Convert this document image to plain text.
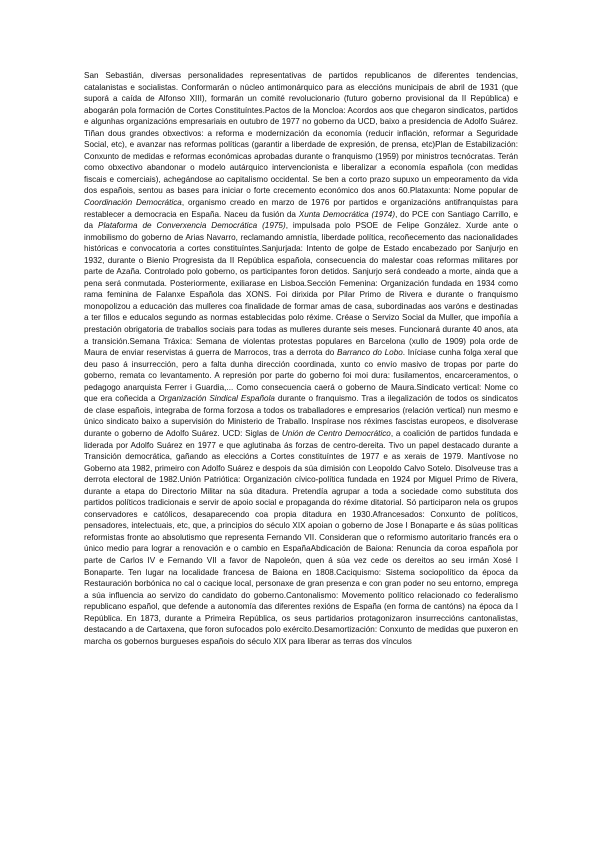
San Sebastián, diversas personalidades representativas de partidos republicanos de diferentes tendencias, catalanistas e socialistas. Conformarán o núcleo antimonárquico para as eleccións municipais de abril de 1931 (que suporá a caída de Alfonso XIII), formarán un comité revolucionario (futuro goberno provisional da II República) e abogarán pola formación de Cortes Constituíntes.Pactos de la Moncloa: Acordos aos que chegaron sindicatos, partidos e algunhas organizacións empresariais en outubro de 1977 no goberno da UCD, baixo a presidencia de Adolfo Suárez. Tiñan dous grandes obxectivos: a reforma e modernización da economía (reducir inflación, reformar a Seguridade Social, etc), e avanzar nas reformas políticas (garantir a liberdade de expresión, de prensa, etc)Plan de Estabilización: Conxunto de medidas e reformas económicas aprobadas durante o franquismo (1959) por ministros tecnócratas. Terán como obxectivo abandonar o modelo autárquico intervencionista e liberalizar a economía española (con medidas fiscais e comerciais), achegándose ao capitalismo occidental. Se ben a corto prazo supuxo un empeoramento da vida dos españois, sentou as bases para iniciar o forte crecemento económico dos anos 60.Plataxunta: Nome popular de Coordinación Democrática, organismo creado en marzo de 1976 por partidos e organizacións antifranquistas para restablecer a democracia en España. Naceu da fusión da Xunta Democrática (1974), do PCE con Santiago Carrillo, e da Plataforma de Converxencia Democrática (1975), impulsada polo PSOE de Felipe González. Xurde ante o inmobilismo do goberno de Arias Navarro, reclamando amnistía, liberdade política, recoñecemento das nacionalidades históricas e convocatoria a cortes constituíntes.Sanjurjada: Intento de golpe de Estado encabezado por Sanjurjo en 1932, durante o Bienio Progresista da II República española, consecuencia do malestar coas reformas militares por parte de Azaña. Controlado polo goberno, os participantes foron detidos. Sanjurjo será condeado a morte, ainda que a pena será conmutada. Posteriormente, exiliarase en Lisboa.Sección Femenina: Organización fundada en 1934 como rama feminina de Falanxe Española das XONS. Foi dirixida por Pilar Primo de Rivera e durante o franquismo monopolizou a educación das mulleres coa finalidade de formar amas de casa, subordinadas aos varóns e destinadas a ter fillos e educalos segundo as normas establecidas polo réxime. Créase o Servizo Social da Muller, que impoñía a prestación obrigatoria de traballos sociais para todas as mulleres durante seis meses. Funcionará durante 40 anos, ata a transición.Semana Tráxica: Semana de violentas protestas populares en Barcelona (xullo de 1909) pola orde de Maura de enviar reservistas á guerra de Marrocos, tras a derrota do Barranco do Lobo. Iníciase cunha folga xeral que deu paso á insurrección, pero a falta dunha dirección coordinada, xunto co envío masivo de tropas por parte do goberno, remata co levantamento. A represión por parte do goberno foi moi dura: fusilamentos, encarceramentos, o pedagogo anarquista Ferrer i Guardia,... Como consecuencia caerá o goberno de Maura.Sindicato vertical: Nome co que era coñecida a Organización Sindical Española durante o franquismo. Tras a ilegalización de todos os sindicatos de clase españois, integraba de forma forzosa a todos os traballadores e empresarios (relación vertical) nun mesmo e único sindicato baixo a supervisión do Ministerio de Traballo. Inspírase nos réximes fascistas europeos, e disolverase durante o goberno de Adolfo Suárez. UCD: Siglas de Unión de Centro Democrático, a coalición de partidos fundada e liderada por Adolfo Suárez en 1977 e que aglutinaba ás forzas de centro-dereita. Tivo un papel destacado durante a Transición democrática, gañando as eleccións a Cortes constituíntes de 1977 e as xerais de 1979. Mantívose no Goberno ata 1982, primeiro con Adolfo Suárez e despois da súa dimisión con Leopoldo Calvo Sotelo. Disolveuse tras a derrota electoral de 1982.Unión Patriótica: Organización cívico-política fundada en 1924 por Miguel Primo de Rivera, durante a etapa do Directorio Militar na súa ditadura. Pretendía agrupar a toda a sociedade como substituta dos partidos políticos tradicionais e servir de apoio social e propaganda do réxime ditatorial. Só participaron nela os grupos conservadores e católicos, desaparecendo coa propia ditadura en 1930.Afrancesados: Conxunto de políticos, pensadores, intelectuais, etc, que, a principios do século XIX apoian o goberno de Jose I Bonaparte e ás súas políticas reformistas fronte ao absolutismo que representa Fernando VII. Consideran que o reformismo autoritario francés era o único medio para lograr a renovación e o cambio en EspañaAbdicación de Baiona: Renuncia da coroa española por parte de Carlos IV e Fernando VII a favor de Napoleón, quen á súa vez cede os dereitos ao seu irmán Xosé I Bonaparte. Ten lugar na localidade francesa de Baiona en 1808.Caciquismo: Sistema sociopolítico da época da Restauración borbónica no cal o cacique local, personaxe de gran presenza e con gran poder no seu entorno, emprega a súa influencia ao servizo do candidato do goberno.Cantonalismo: Movemento político relacionado co federalismo republicano español, que defende a autonomía das diferentes rexións de España (en forma de cantóns) na época da I República. En 1873, durante a Primeira República, os seus partidarios protagonizaron insurreccións cantonalistas, destacando a de Cartaxena, que foron sufocados polo exército.Desamortización: Conxunto de medidas que puxeron en marcha os gobernos burgueses españois do século XIX para liberar as terras dos vínculos
